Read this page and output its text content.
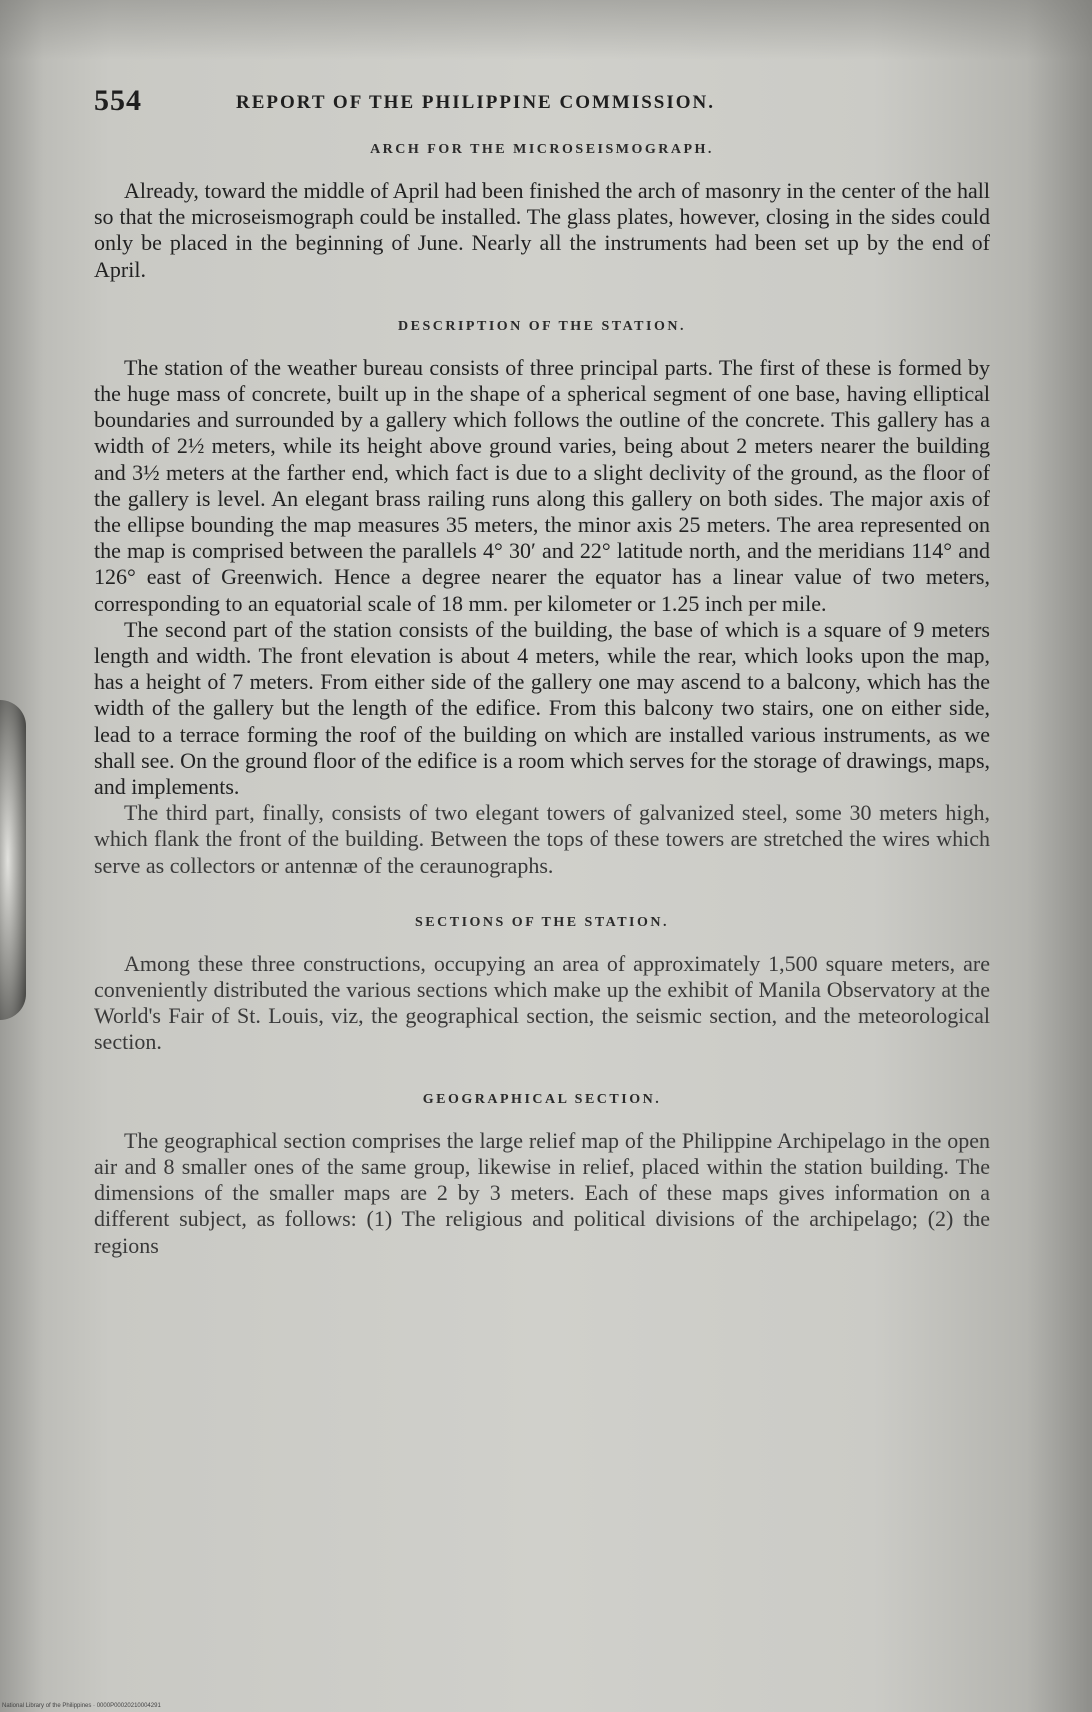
554	REPORT OF THE PHILIPPINE COMMISSION.
ARCH FOR THE MICROSEISMOGRAPH.

Already, toward the middle of April had been finished the arch of masonry in the center of the hall so that the microseismograph could be installed. The glass plates, however, closing in the sides could only be placed in the beginning of June. Nearly all the instruments had been set up by the end of April.

DESCRIPTION OF THE STATION.

The station of the weather bureau consists of three principal parts. The first of these is formed by the huge mass of concrete, built up in the shape of a spherical segment of one base, having elliptical boundaries and surrounded by a gallery which follows the outline of the concrete. This gallery has a width of 2½ meters, while its height above ground varies, being about 2 meters nearer the building and 3½ meters at the farther end, which fact is due to a slight declivity of the ground, as the floor of the gallery is level. An elegant brass railing runs along this gallery on both sides. The major axis of the ellipse bounding the map measures 35 meters, the minor axis 25 meters. The area represented on the map is comprised between the parallels 4° 30′ and 22° latitude north, and the meridians 114° and 126° east of Greenwich. Hence a degree nearer the equator has a linear value of two meters, corresponding to an equatorial scale of 18 mm. per kilometer or 1.25 inch per mile.

The second part of the station consists of the building, the base of which is a square of 9 meters length and width. The front elevation is about 4 meters, while the rear, which looks upon the map, has a height of 7 meters. From either side of the gallery one may ascend to a balcony, which has the width of the gallery but the length of the edifice. From this balcony two stairs, one on either side, lead to a terrace forming the roof of the building on which are installed various instruments, as we shall see. On the ground floor of the edifice is a room which serves for the storage of drawings, maps, and implements.

The third part, finally, consists of two elegant towers of galvanized steel, some 30 meters high, which flank the front of the building. Between the tops of these towers are stretched the wires which serve as collectors or antennæ of the ceraunographs.

SECTIONS OF THE STATION.

Among these three constructions, occupying an area of approximately 1,500 square meters, are conveniently distributed the various sections which make up the exhibit of Manila Observatory at the World's Fair of St. Louis, viz, the geographical section, the seismic section, and the meteorological section.

GEOGRAPHICAL SECTION.

The geographical section comprises the large relief map of the Philippine Archipelago in the open air and 8 smaller ones of the same group, likewise in relief, placed within the station building. The dimensions of the smaller maps are 2 by 3 meters. Each of these maps gives information on a different subject, as follows: (1) The religious and political divisions of the archipelago; (2) the regions

National Library of the Philippines · 0000P00020210004291
